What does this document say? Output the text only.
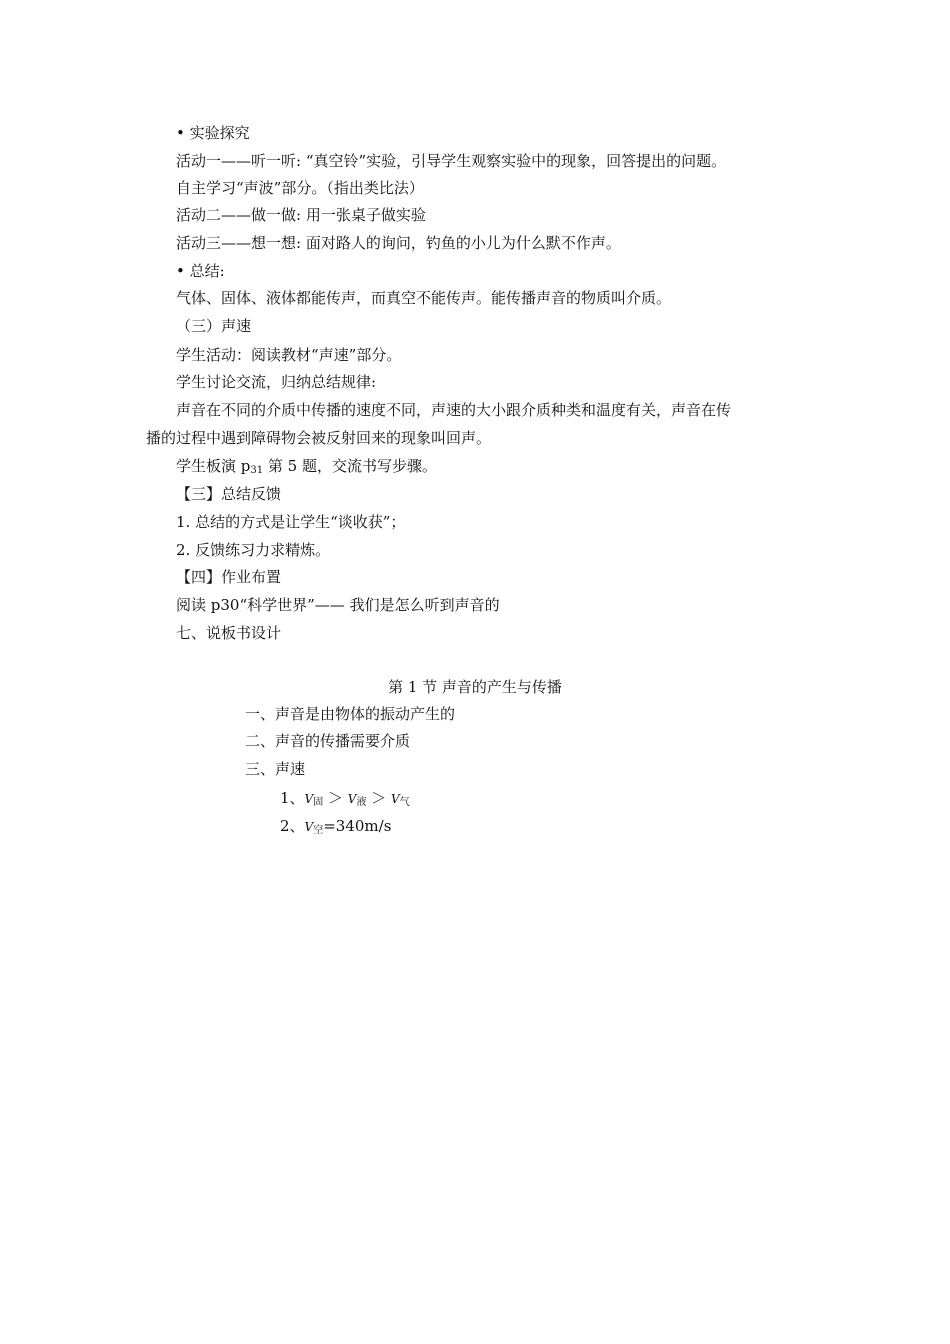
• 实验探究
活动一——听一听: “真空铃”实验，引导学生观察实验中的现象，回答提出的问题。
自主学习“声波”部分。（指出类比法）
活动二——做一做: 用一张桌子做实验
活动三——想一想: 面对路人的询问，钓鱼的小儿为什么默不作声。
• 总结:
气体、固体、液体都能传声，而真空不能传声。能传播声音的物质叫介质。
（三）声速
学生活动：阅读教材“声速”部分。
学生讨论交流，归纳总结规律:
声音在不同的介质中传播的速度不同，声速的大小跟介质种类和温度有关，声音在传
播的过程中遇到障碍物会被反射回来的现象叫回声。
学生板演 $p_{31}$ 第 5 题，交流书写步骤。
【三】总结反馈
1. 总结的方式是让学生“谈收获”；
2. 反馈练习力求精炼。
【四】作业布置
阅读 p30“科学世界”—— 我们是怎么听到声音的
七、说板书设计
第 1 节 声音的产生与传播
一、声音是由物体的振动产生的
二、声音的传播需要介质
三、声速
1、$V_固 > V_液 > V_气$
2、$V_空=340m/s$
